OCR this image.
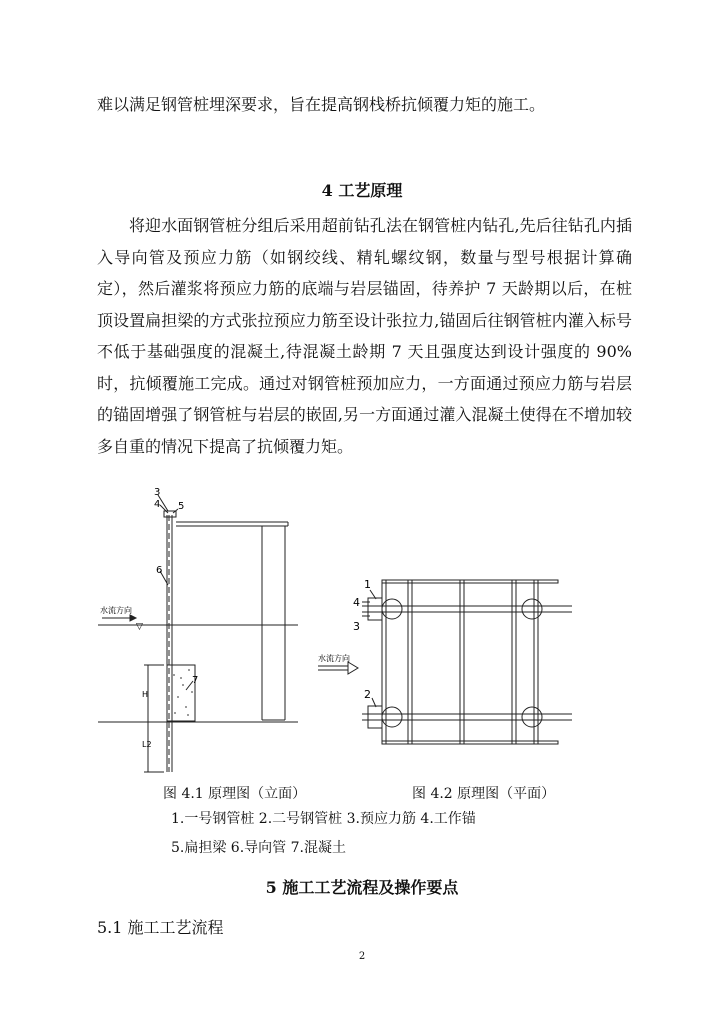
难以满足钢管桩埋深要求，旨在提高钢栈桥抗倾覆力矩的施工。

4 工艺原理

将迎水面钢管桩分组后采用超前钻孔法在钢管桩内钻孔,先后往钻孔内插入导向管及预应力筋（如钢绞线、精轧螺纹钢，数量与型号根据计算确定），然后灌浆将预应力筋的底端与岩层锚固，待养护 7 天龄期以后，在桩顶设置扁担梁的方式张拉预应力筋至设计张拉力,锚固后往钢管桩内灌入标号不低于基础强度的混凝土,待混凝土龄期 7 天且强度达到设计强度的 90%时，抗倾覆施工完成。通过对钢管桩预加应力，一方面通过预应力筋与岩层的锚固增强了钢管桩与岩层的嵌固,另一方面通过灌入混凝土使得在不增加较多自重的情况下提高了抗倾覆力矩。

3
4 5
6
7
水流方向
▽
H
L2
1
4
3
2
水流方向

图 4.1 原理图（立面）	图 4.2 原理图（平面）

1.一号钢管桩 2.二号钢管桩 3.预应力筋 4.工作锚

5.扁担梁 6.导向管 7.混凝土

5 施工工艺流程及操作要点

5.1 施工工艺流程

2
